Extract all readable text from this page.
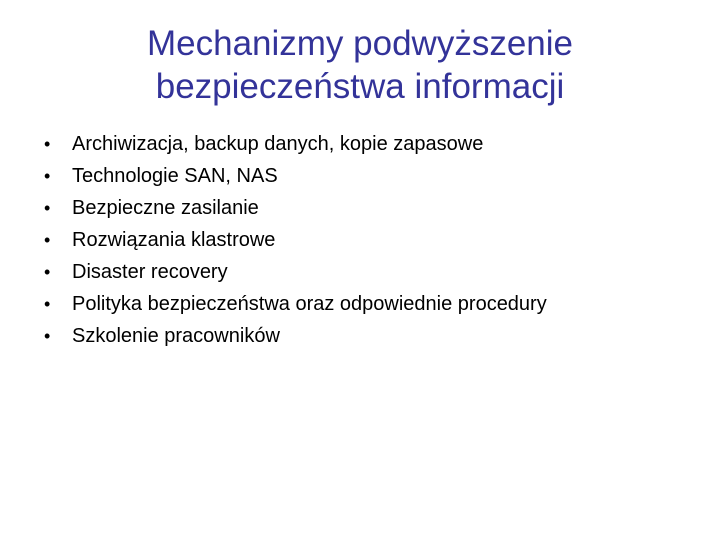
Mechanizmy podwyższenie
bezpieczeństwa informacji
• Archiwizacja, backup danych, kopie zapasowe
• Technologie SAN, NAS
• Bezpieczne zasilanie
• Rozwiązania klastrowe
• Disaster recovery
• Polityka bezpieczeństwa oraz odpowiednie procedury
• Szkolenie pracowników
